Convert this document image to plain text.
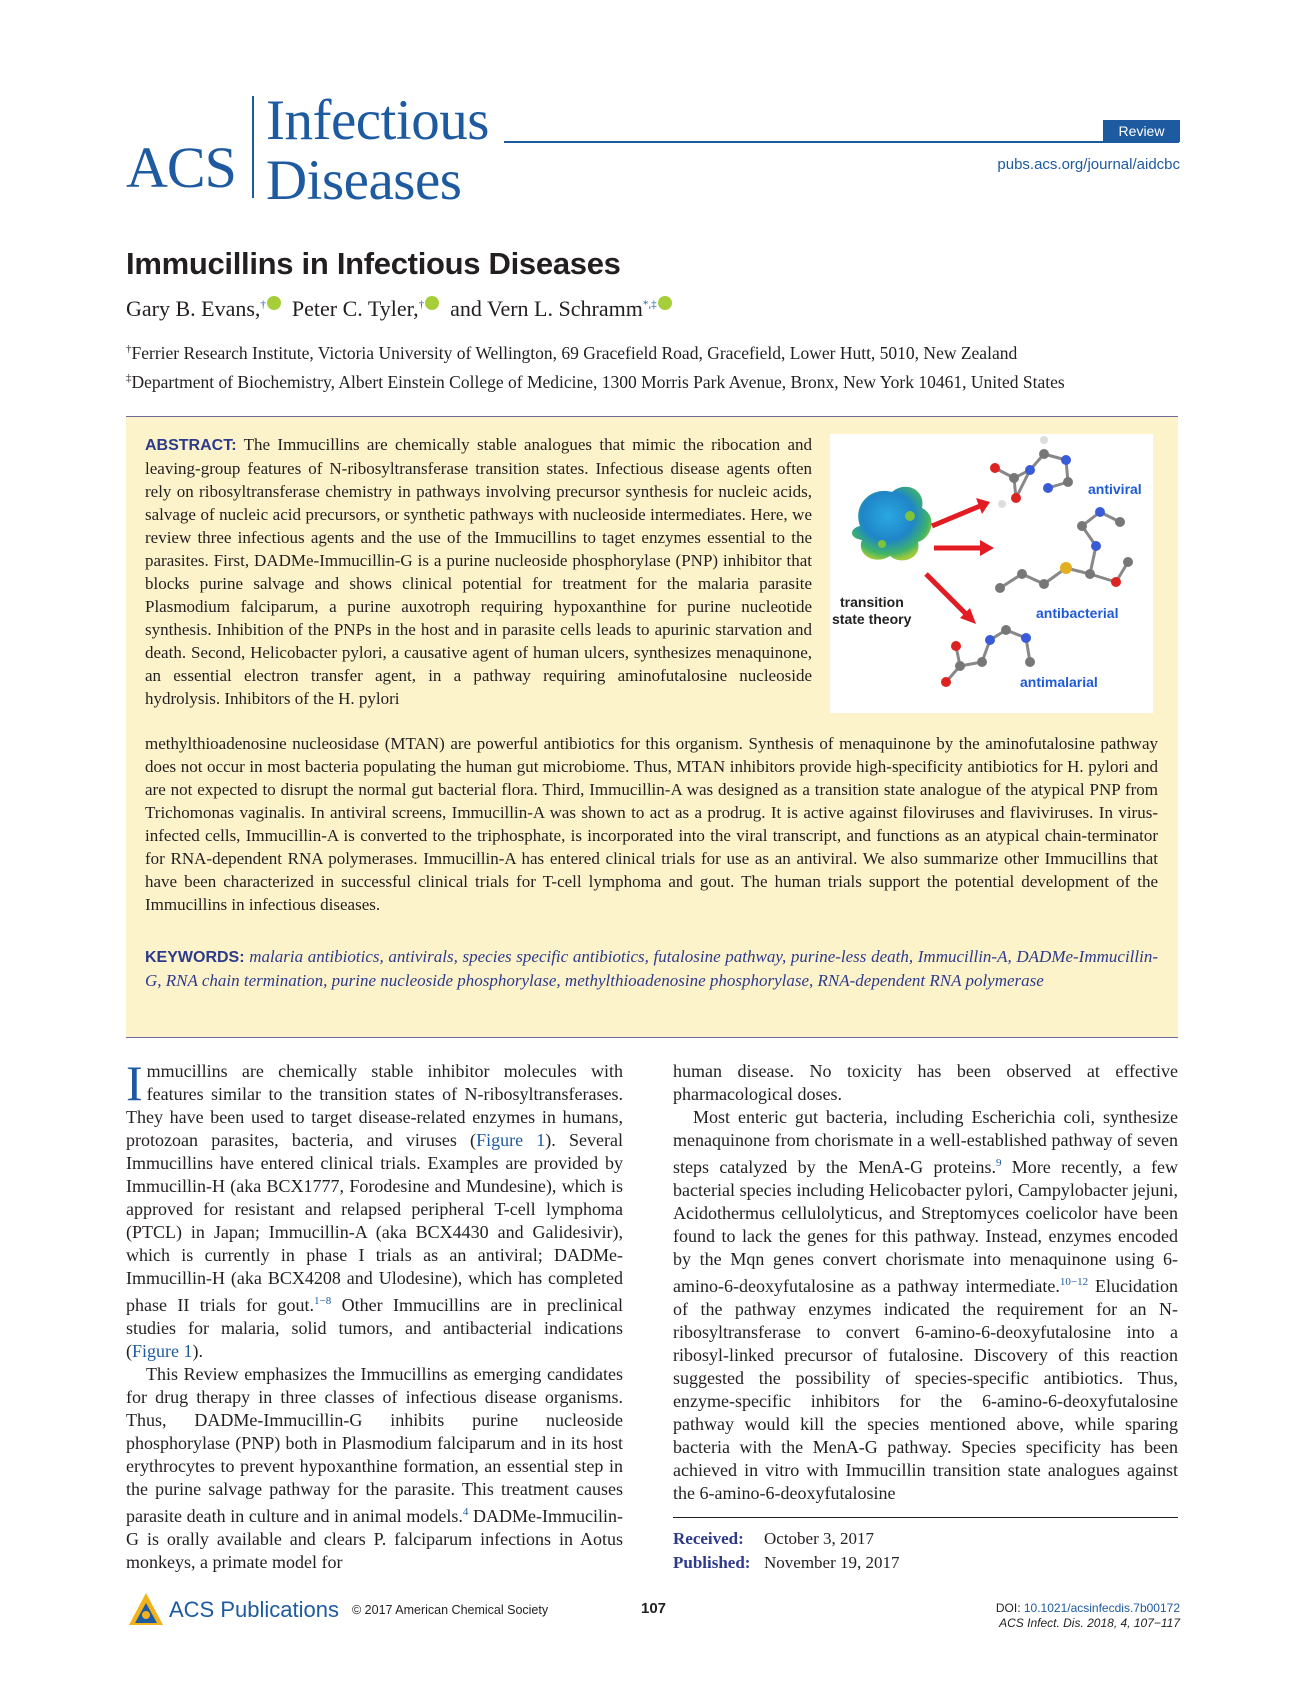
ACS
Infectious
Diseases
Review
pubs.acs.org/journal/aidcbc
Immucillins in Infectious Diseases
Gary B. Evans,† Peter C. Tyler,† and Vern L. Schramm*,‡
†Ferrier Research Institute, Victoria University of Wellington, 69 Gracefield Road, Gracefield, Lower Hutt, 5010, New Zealand
‡Department of Biochemistry, Albert Einstein College of Medicine, 1300 Morris Park Avenue, Bronx, New York 10461, United States
ABSTRACT: The Immucillins are chemically stable analogues that mimic the ribocation and leaving-group features of N-ribosyltransferase transition states. Infectious disease agents often rely on ribosyltransferase chemistry in pathways involving precursor synthesis for nucleic acids, salvage of nucleic acid precursors, or synthetic pathways with nucleoside intermediates. Here, we review three infectious agents and the use of the Immucillins to taget enzymes essential to the parasites. First, DADMe-Immucillin-G is a purine nucleoside phosphorylase (PNP) inhibitor that blocks purine salvage and shows clinical potential for treatment for the malaria parasite Plasmodium falciparum, a purine auxotroph requiring hypoxanthine for purine nucleotide synthesis. Inhibition of the PNPs in the host and in parasite cells leads to apurinic starvation and death. Second, Helicobacter pylori, a causative agent of human ulcers, synthesizes menaquinone, an essential electron transfer agent, in a pathway requiring aminofutalosine nucleoside hydrolysis. Inhibitors of the H. pylori
methylthioadenosine nucleosidase (MTAN) are powerful antibiotics for this organism. Synthesis of menaquinone by the aminofutalosine pathway does not occur in most bacteria populating the human gut microbiome. Thus, MTAN inhibitors provide high-specificity antibiotics for H. pylori and are not expected to disrupt the normal gut bacterial flora. Third, Immucillin-A was designed as a transition state analogue of the atypical PNP from Trichomonas vaginalis. In antiviral screens, Immucillin-A was shown to act as a prodrug. It is active against filoviruses and flaviviruses. In virus-infected cells, Immucillin-A is converted to the triphosphate, is incorporated into the viral transcript, and functions as an atypical chain-terminator for RNA-dependent RNA polymerases. Immucillin-A has entered clinical trials for use as an antiviral. We also summarize other Immucillins that have been characterized in successful clinical trials for T-cell lymphoma and gout. The human trials support the potential development of the Immucillins in infectious diseases.
KEYWORDS: malaria antibiotics, antivirals, species specific antibiotics, futalosine pathway, purine-less death, Immucillin-A, DADMe-Immucillin-G, RNA chain termination, purine nucleoside phosphorylase, methylthioadenosine phosphorylase, RNA-dependent RNA polymerase
transition
state theory
antiviral
antibacterial
antimalarial

Immucillins are chemically stable inhibitor molecules with features similar to the transition states of N-ribosyltransferases. They have been used to target disease-related enzymes in humans, protozoan parasites, bacteria, and viruses (Figure 1). Several Immucillins have entered clinical trials. Examples are provided by Immucillin-H (aka BCX1777, Forodesine and Mundesine), which is approved for resistant and relapsed peripheral T-cell lymphoma (PTCL) in Japan; Immucillin-A (aka BCX4430 and Galidesivir), which is currently in phase I trials as an antiviral; DADMe-Immucillin-H (aka BCX4208 and Ulodesine), which has completed phase II trials for gout.$^{1-8}$ Other Immucillins are in preclinical studies for malaria, solid tumors, and antibacterial indications (Figure 1).

This Review emphasizes the Immucillins as emerging candidates for drug therapy in three classes of infectious disease organisms. Thus, DADMe-Immucillin-G inhibits purine nucleoside phosphorylase (PNP) both in Plasmodium falciparum and in its host erythrocytes to prevent hypoxanthine formation, an essential step in the purine salvage pathway for the parasite. This treatment causes parasite death in culture and in animal models.$^4$ DADMe-Immucilin-G is orally available and clears P. falciparum infections in Aotus monkeys, a primate model for

human disease. No toxicity has been observed at effective pharmacological doses.

Most enteric gut bacteria, including Escherichia coli, synthesize menaquinone from chorismate in a well-established pathway of seven steps catalyzed by the MenA-G proteins.$^9$ More recently, a few bacterial species including Helicobacter pylori, Campylobacter jejuni, Acidothermus cellulolyticus, and Streptomyces coelicolor have been found to lack the genes for this pathway. Instead, enzymes encoded by the Mqn genes convert chorismate into menaquinone using 6-amino-6-deoxyfutalosine as a pathway intermediate.$^{10-12}$ Elucidation of the pathway enzymes indicated the requirement for an N-ribosyltransferase to convert 6-amino-6-deoxyfutalosine into a ribosyl-linked precursor of futalosine. Discovery of this reaction suggested the possibility of species-specific antibiotics. Thus, enzyme-specific inhibitors for the 6-amino-6-deoxyfutalosine pathway would kill the species mentioned above, while sparing bacteria with the MenA-G pathway. Species specificity has been achieved in vitro with Immucillin transition state analogues against the 6-amino-6-deoxyfutalosine

Received: October 3, 2017
Published: November 19, 2017
ACS Publications © 2017 American Chemical Society	107	DOI: 10.1021/acsinfecdis.7b00172
ACS Infect. Dis. 2018, 4, 107−117
